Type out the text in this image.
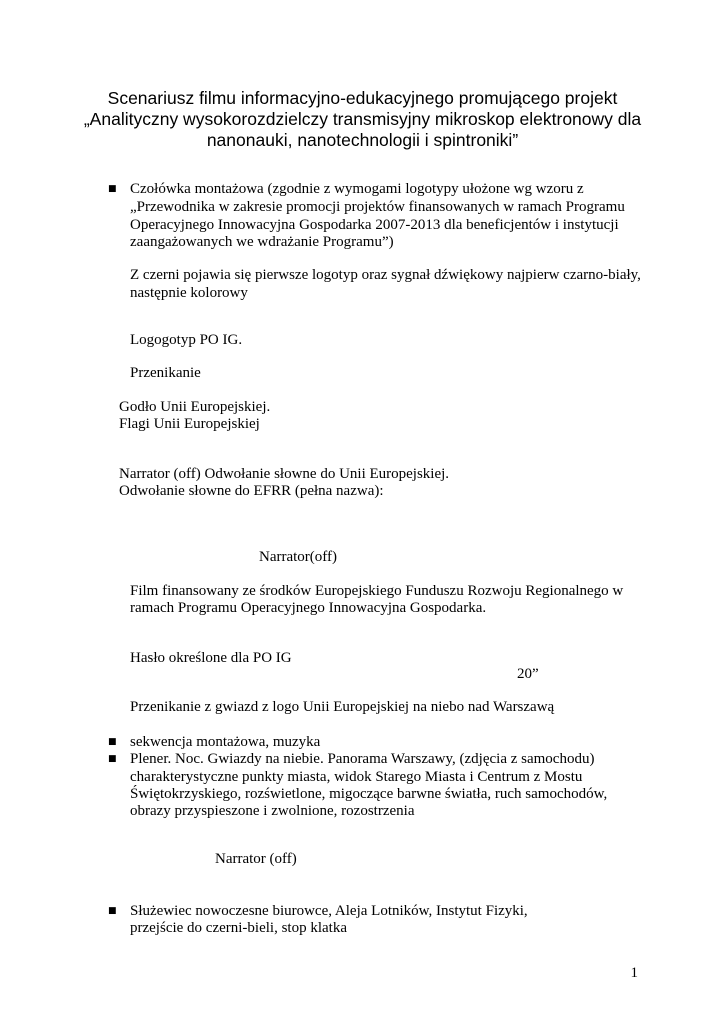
Scenariusz filmu informacyjno-edukacyjnego promującego projekt
„Analityczny wysokorozdzielczy transmisyjny mikroskop elektronowy dla
nanonauki, nanotechnologii i spintroniki”
■ Czołówka montażowa (zgodnie z wymogami logotypy ułożone wg wzoru z
„Przewodnika w zakresie promocji projektów finansowanych w ramach Programu
Operacyjnego Innowacyjna Gospodarka 2007-2013 dla beneficjentów i instytucji
zaangażowanych we wdrażanie Programu”)
Z czerni pojawia się pierwsze logotyp oraz sygnał dźwiękowy najpierw czarno-biały,
następnie kolorowy
Logogotyp PO IG.
Przenikanie
Godło Unii Europejskiej.
Flagi Unii Europejskiej
Narrator (off) Odwołanie słowne do Unii Europejskiej.
Odwołanie słowne do EFRR (pełna nazwa):
Narrator(off)
Film finansowany ze środków Europejskiego Funduszu Rozwoju Regionalnego w
ramach Programu Operacyjnego Innowacyjna Gospodarka.
Hasło określone dla PO IG
20”
Przenikanie z gwiazd z logo Unii Europejskiej na niebo nad Warszawą
■ sekwencja montażowa, muzyka
■ Plener. Noc. Gwiazdy na niebie. Panorama Warszawy, (zdjęcia z samochodu)
charakterystyczne punkty miasta, widok Starego Miasta i Centrum z Mostu
Świętokrzyskiego, rozświetlone, migoczące barwne światła, ruch samochodów,
obrazy przyspieszone i zwolnione, rozostrzenia
Narrator (off)
■ Służewiec nowoczesne biurowce, Aleja Lotników, Instytut Fizyki,
przejście do czerni-bieli, stop klatka
1
